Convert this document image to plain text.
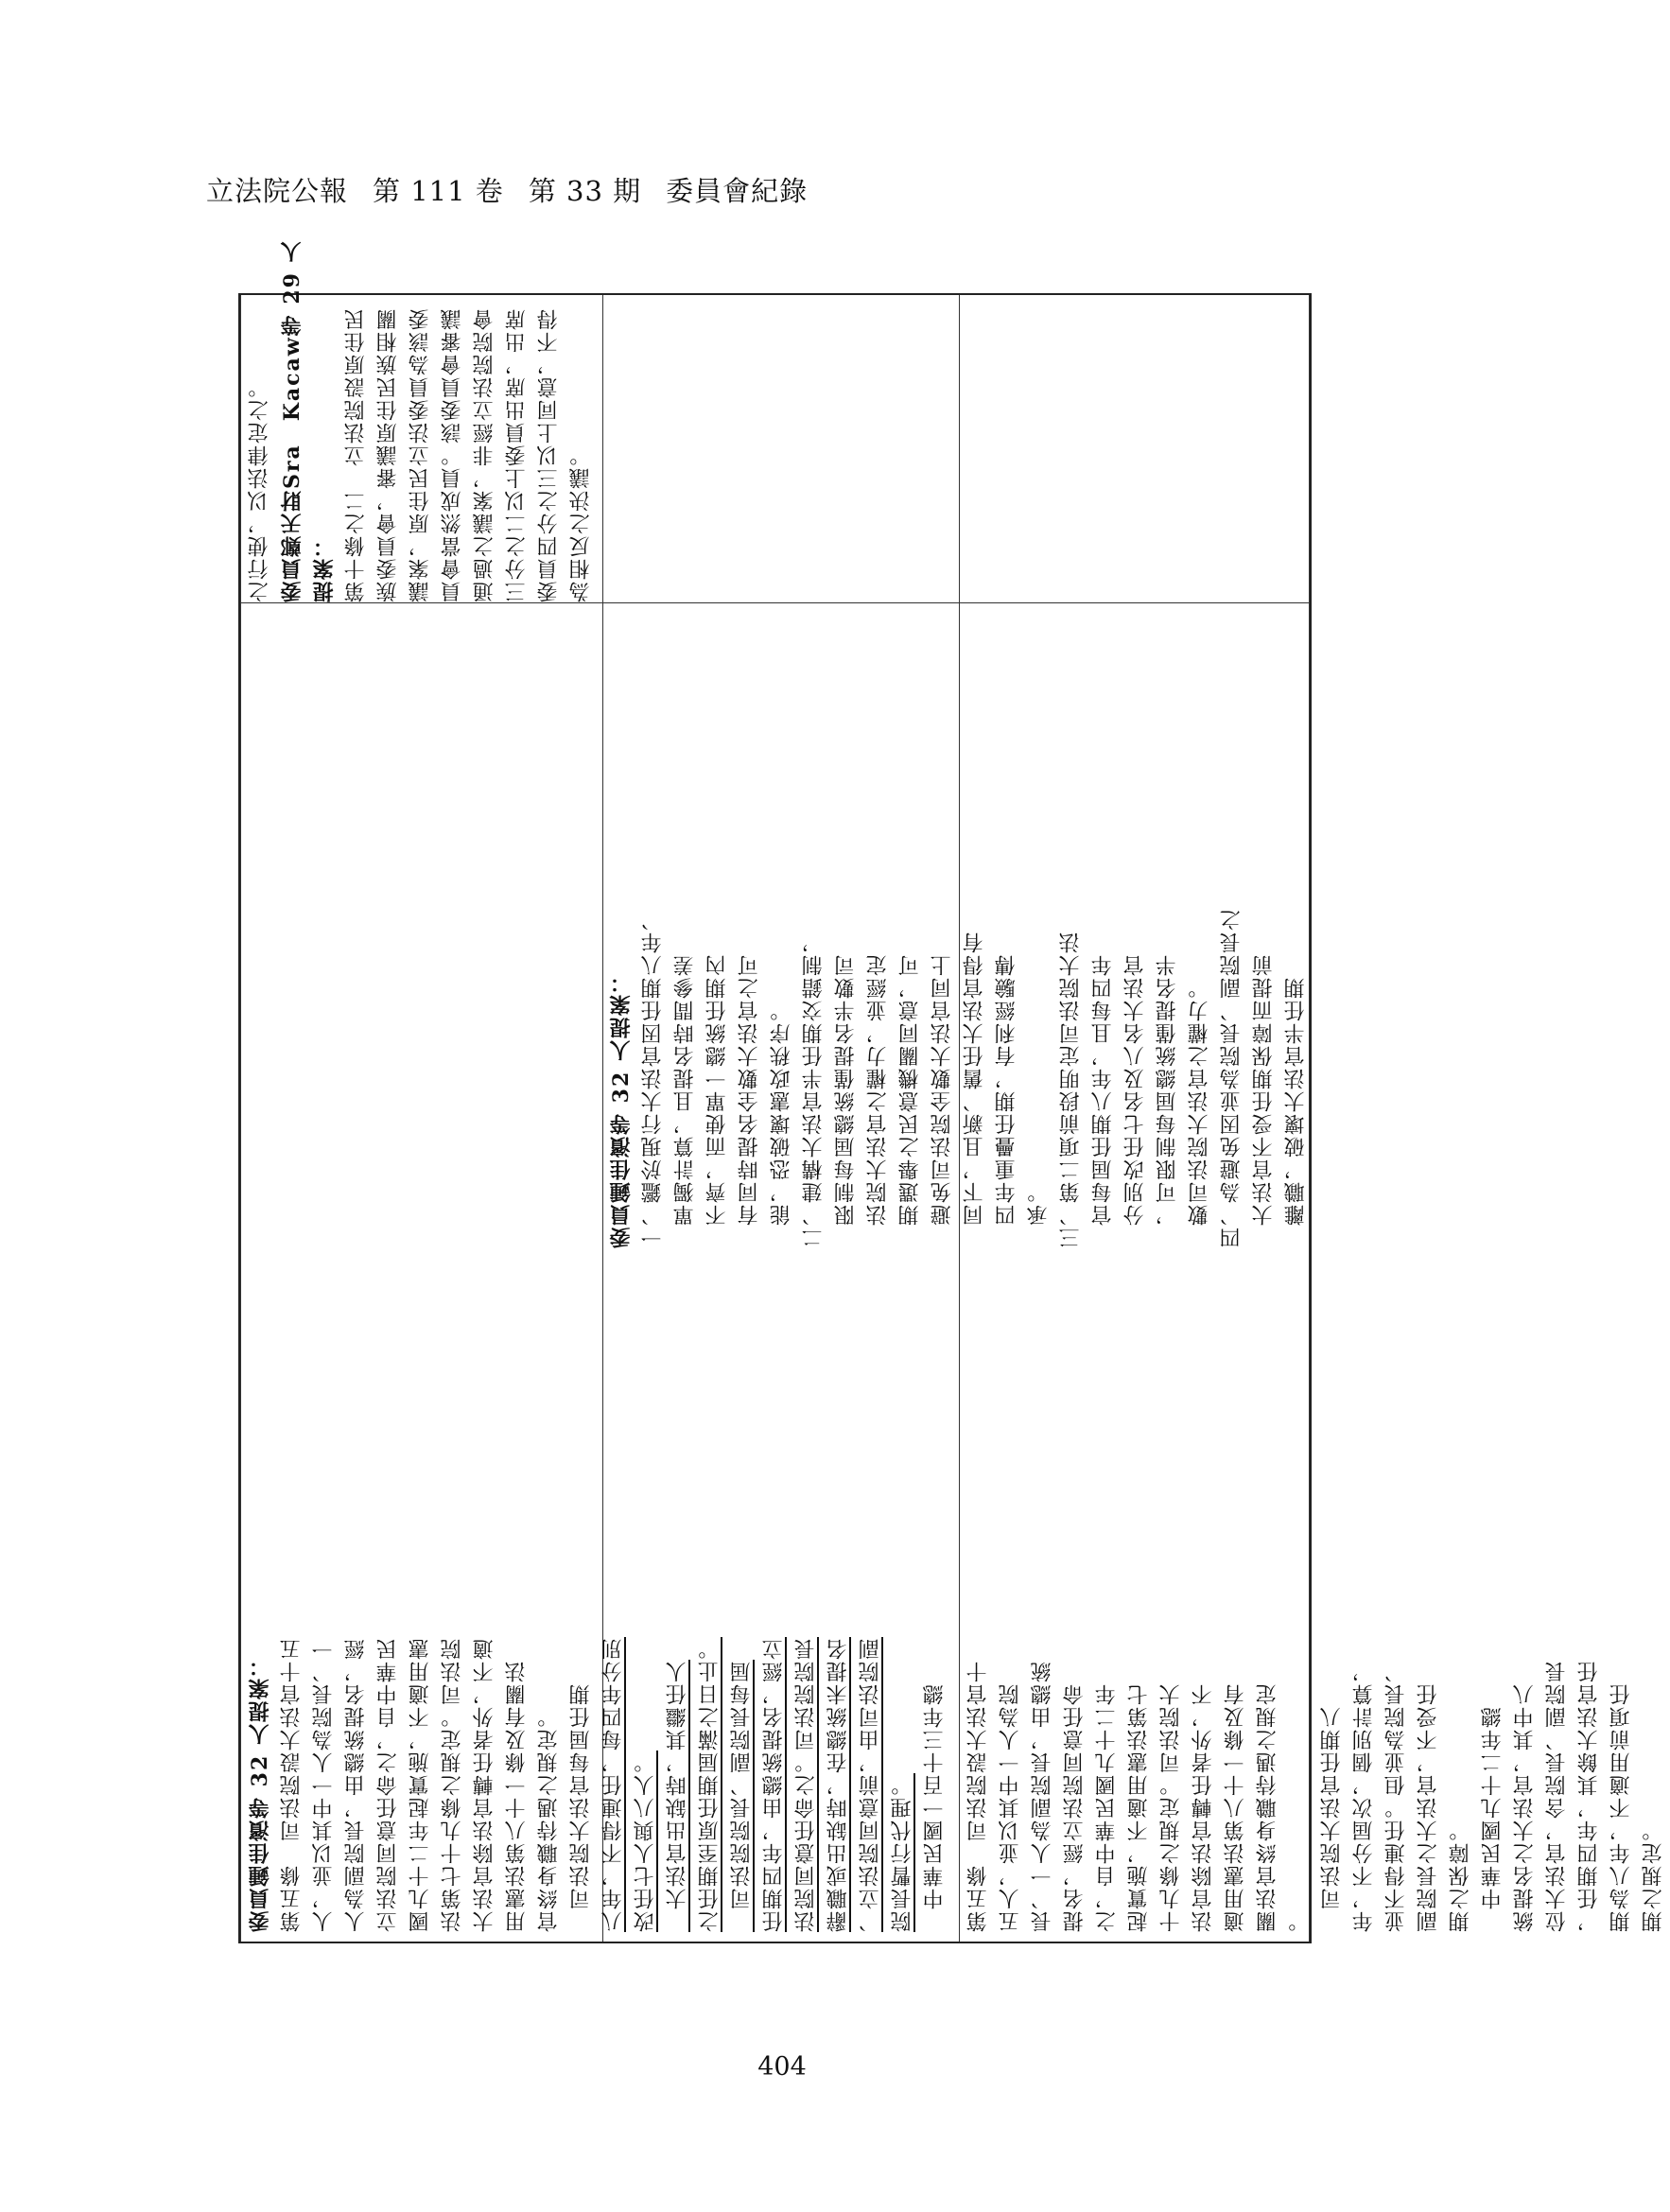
立法院公報 第 111 卷 第 33 期 委員會紀錄
之行使，以法律定之。 委員鄭天財Sra　Kacaw等 29 人 提案： 第十條之二　立法院設原住民 族委員會，審議原住民族相關 議案，原住民立法委員為該委 員會當然成員。該委員會審議 通過之議案，非經立法院院會 三分之二以上委員出席，出席 委員四分之三以上同意，不得 為相反之決議。
委員鍾佳濱等 32 人提案： 第五條　司法院設大法官十五 人，並以其中一人為院長、一 人為副院長，由總統提名，經 立法院同意任命之，自中華民 國九十二年起實施，不適用憲 法第七十九條之規定。司法院 大法官除法官轉任者外，不適 用憲法第八十一條及有關法 官終身職待遇之規定。 　司法院大法官每屆任期 八年，不得連任，每四年分別 改任七人與八人。 　大法官出缺時，其繼任人 之任期至原任期屆滿之日止。 　司法院院長、副院長每屆 任期四年，由總統提名，經立 法院同意任命之。司法院院長 辭職或出缺時，在總統未提名 、立法院同意前，由司法院副 院長暫行代理。 　中華民國一百十三年總 第五條　司法院設大法官十 五人，並以其中一人為院 長、一人為副院長，由總統 提名，經立法院同意任命 之，自中華民國九十二年 起實施，不適用憲法第七 十九條之規定。司法院大 法官除法官轉任者外，不 適用憲法第八十一條及有 關法官終身職待遇之規定 。 　司法院大法官任期八 年，不分屆次，個別計算， 並不得連任。但並為院長、 副院長之大法官，不受任 期之保障。 　中華民國九十二年總 統提名之大法官，其中八 位大法官，含院長、副院長 ，任期四年，其餘大法官任 期為八年，不適用前項任 期之規定。
委員鍾佳濱等 32 人提案： 一、鑑於現行大法官因任期八年、 　單獨計算，且提名時間參差 　不齊，而使單一總統任期內 　有同時提名全數大法官之可 　能，恐破壞憲政秩序。 二、建構大法官半任期交錯制， 　限制每屆總統僅提名半數司 　法院大法官之權力，並經定 　期選舉之民意機關同意，可 　避免司法院全數大法官同上 　同下，且新、舊任大法官得有 　四年重疊任期，有利經驗傳 　承。 三、第二項前段明定司法院大法 　官每屆任期八年，且每四年 　分別改任七名及八名大法官 　，可限制每屆總統僅提名半 　數司法院大法官之權力。 四、為避免因並為院長、副院長之 　大法官不受任期保障而提前 　離職，破壞大法官半任期
404
